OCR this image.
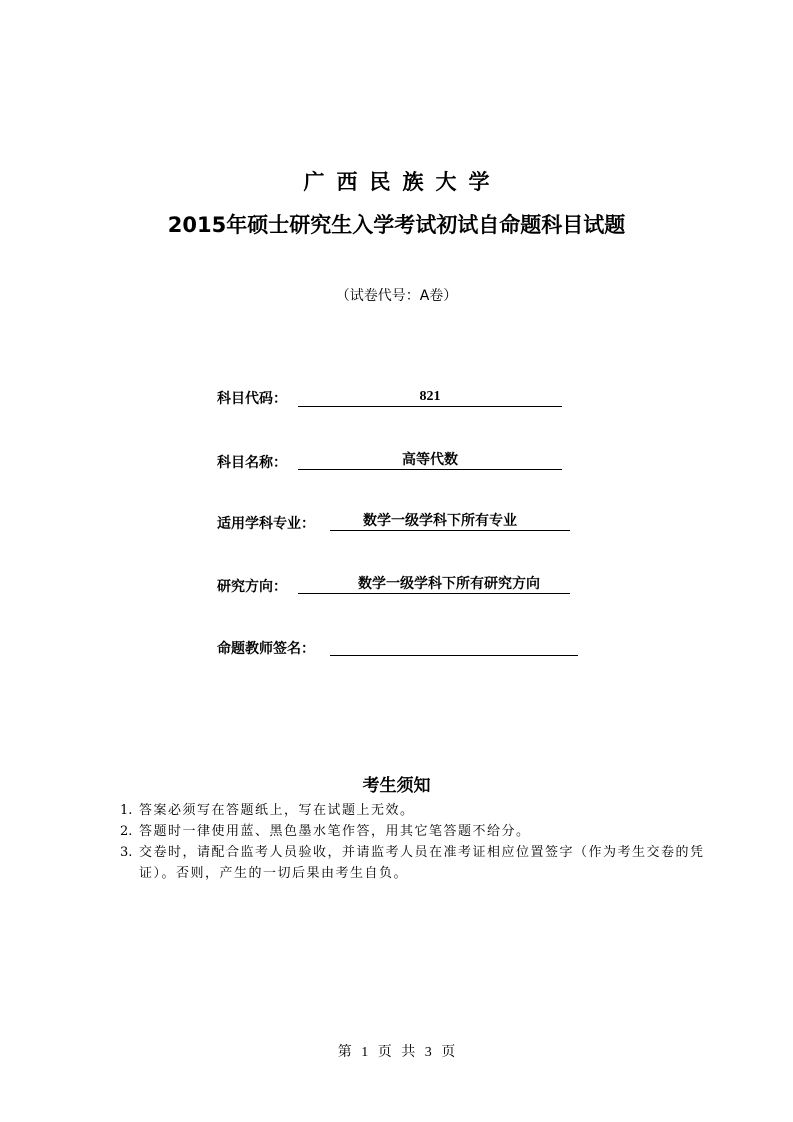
广西民族大学
2015年硕士研究生入学考试初试自命题科目试题
（试卷代号：A卷）
科目代码：	821
科目名称：	高等代数
适用学科专业：	数学一级学科下所有专业
研究方向：	数学一级学科下所有研究方向
命题教师签名：
考生须知
1. 答案必须写在答题纸上，写在试题上无效。
2. 答题时一律使用蓝、黑色墨水笔作答，用其它笔答题不给分。
3. 交卷时，请配合监考人员验收，并请监考人员在准考证相应位置签字（作为考生交卷的凭证）。否则，产生的一切后果由考生自负。
第 1 页 共 3 页
